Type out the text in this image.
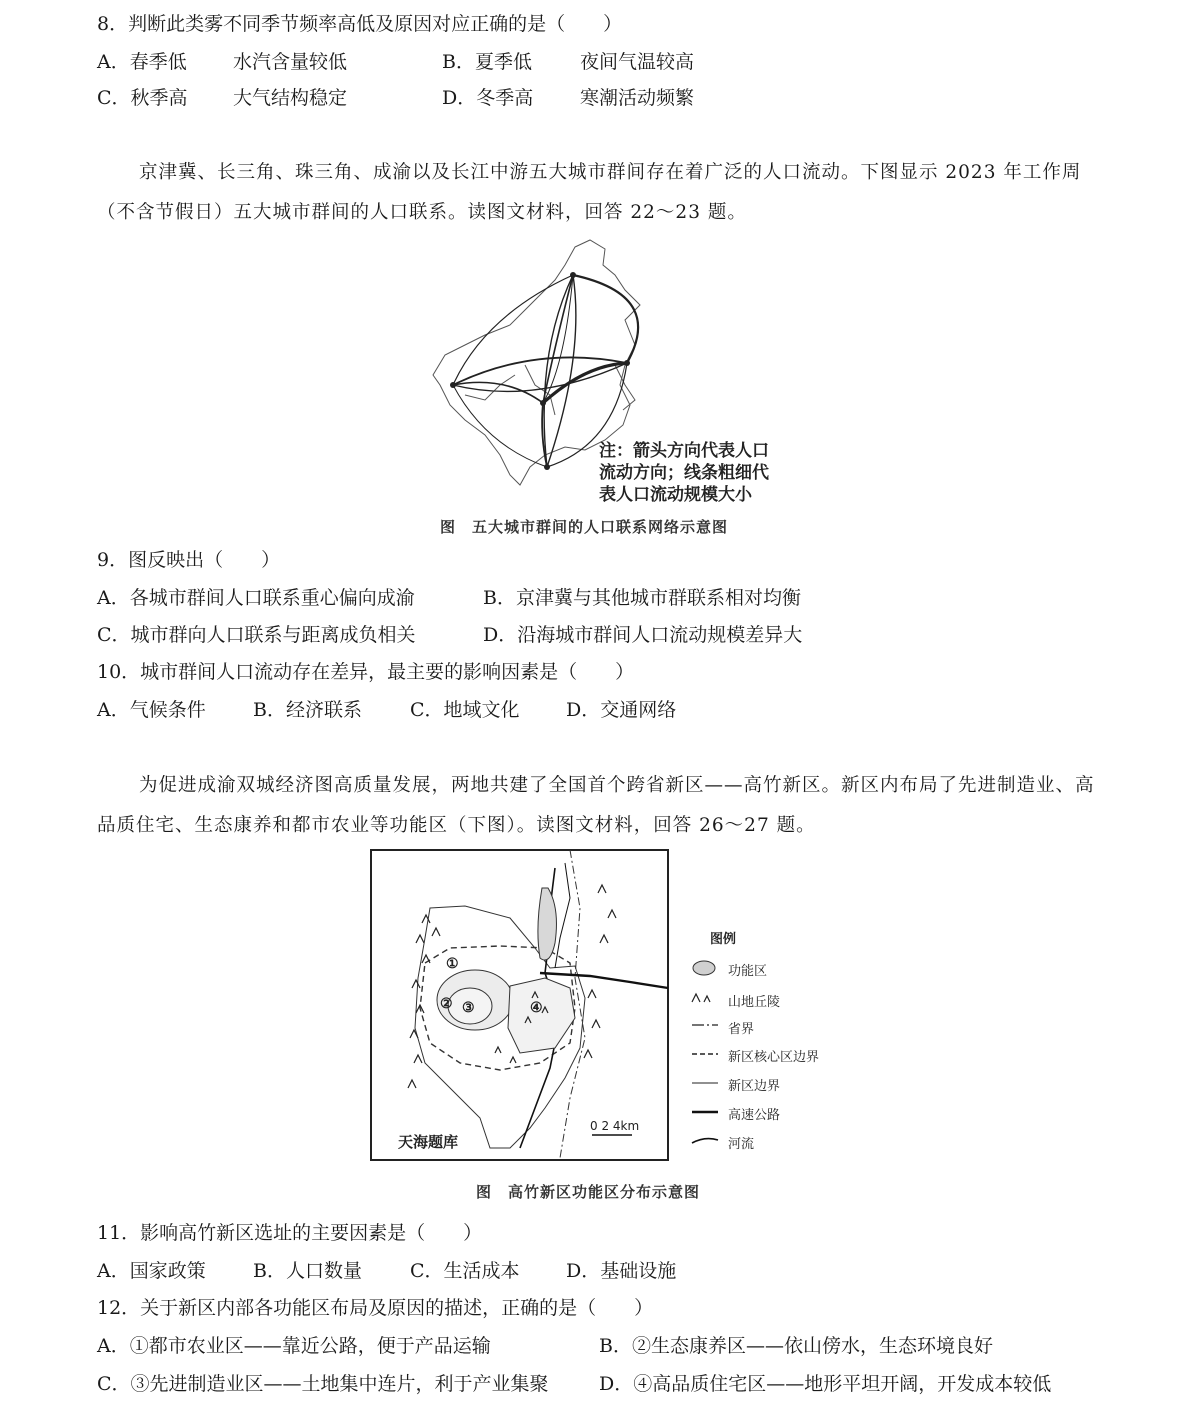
8．判断此类雾不同季节频率高低及原因对应正确的是（　　）
A．春季低 水汽含量较低	B．夏季低	夜间气温较高
C．秋季高 大气结构稳定	D．冬季高 寒潮活动频繁
京津冀、长三角、珠三角、成渝以及长江中游五大城市群间存在着广泛的人口流动。下图显示 2023 年工作周（不含节假日）五大城市群间的人口联系。读图文材料，回答 22～23 题。
注：箭头方向代表人口
流动方向；线条粗细代
表人口流动规模大小
图　五大城市群间的人口联系网络示意图
9．图反映出（　　）
A．各城市群间人口联系重心偏向成渝	B．京津冀与其他城市群联系相对均衡
C．城市群向人口联系与距离成负相关	D．沿海城市群间人口流动规模差异大
10．城市群间人口流动存在差异，最主要的影响因素是（　　）
A．气候条件 B．经济联系	C．地域文化 D．交通网络
为促进成渝双城经济图高质量发展，两地共建了全国首个跨省新区——高竹新区。新区内布局了先进制造业、高品质住宅、生态康养和都市农业等功能区（下图）。读图文材料，回答 26～27 题。
①
② ③	④
天海题库
0 2 4km
图例
功能区
山地丘陵
省界
新区核心区边界
新区边界
高速公路
河流
图　高竹新区功能区分布示意图
11．影响高竹新区选址的主要因素是（　　）
A．国家政策 B．人口数量	C．生活成本 D．基础设施
12．关于新区内部各功能区布局及原因的描述，正确的是（　　）
A．①都市农业区——靠近公路，便于产品运输	B．②生态康养区——依山傍水，生态环境良好
C．③先进制造业区——土地集中连片，利于产业集聚	D．④高品质住宅区——地形平坦开阔，开发成本较低
